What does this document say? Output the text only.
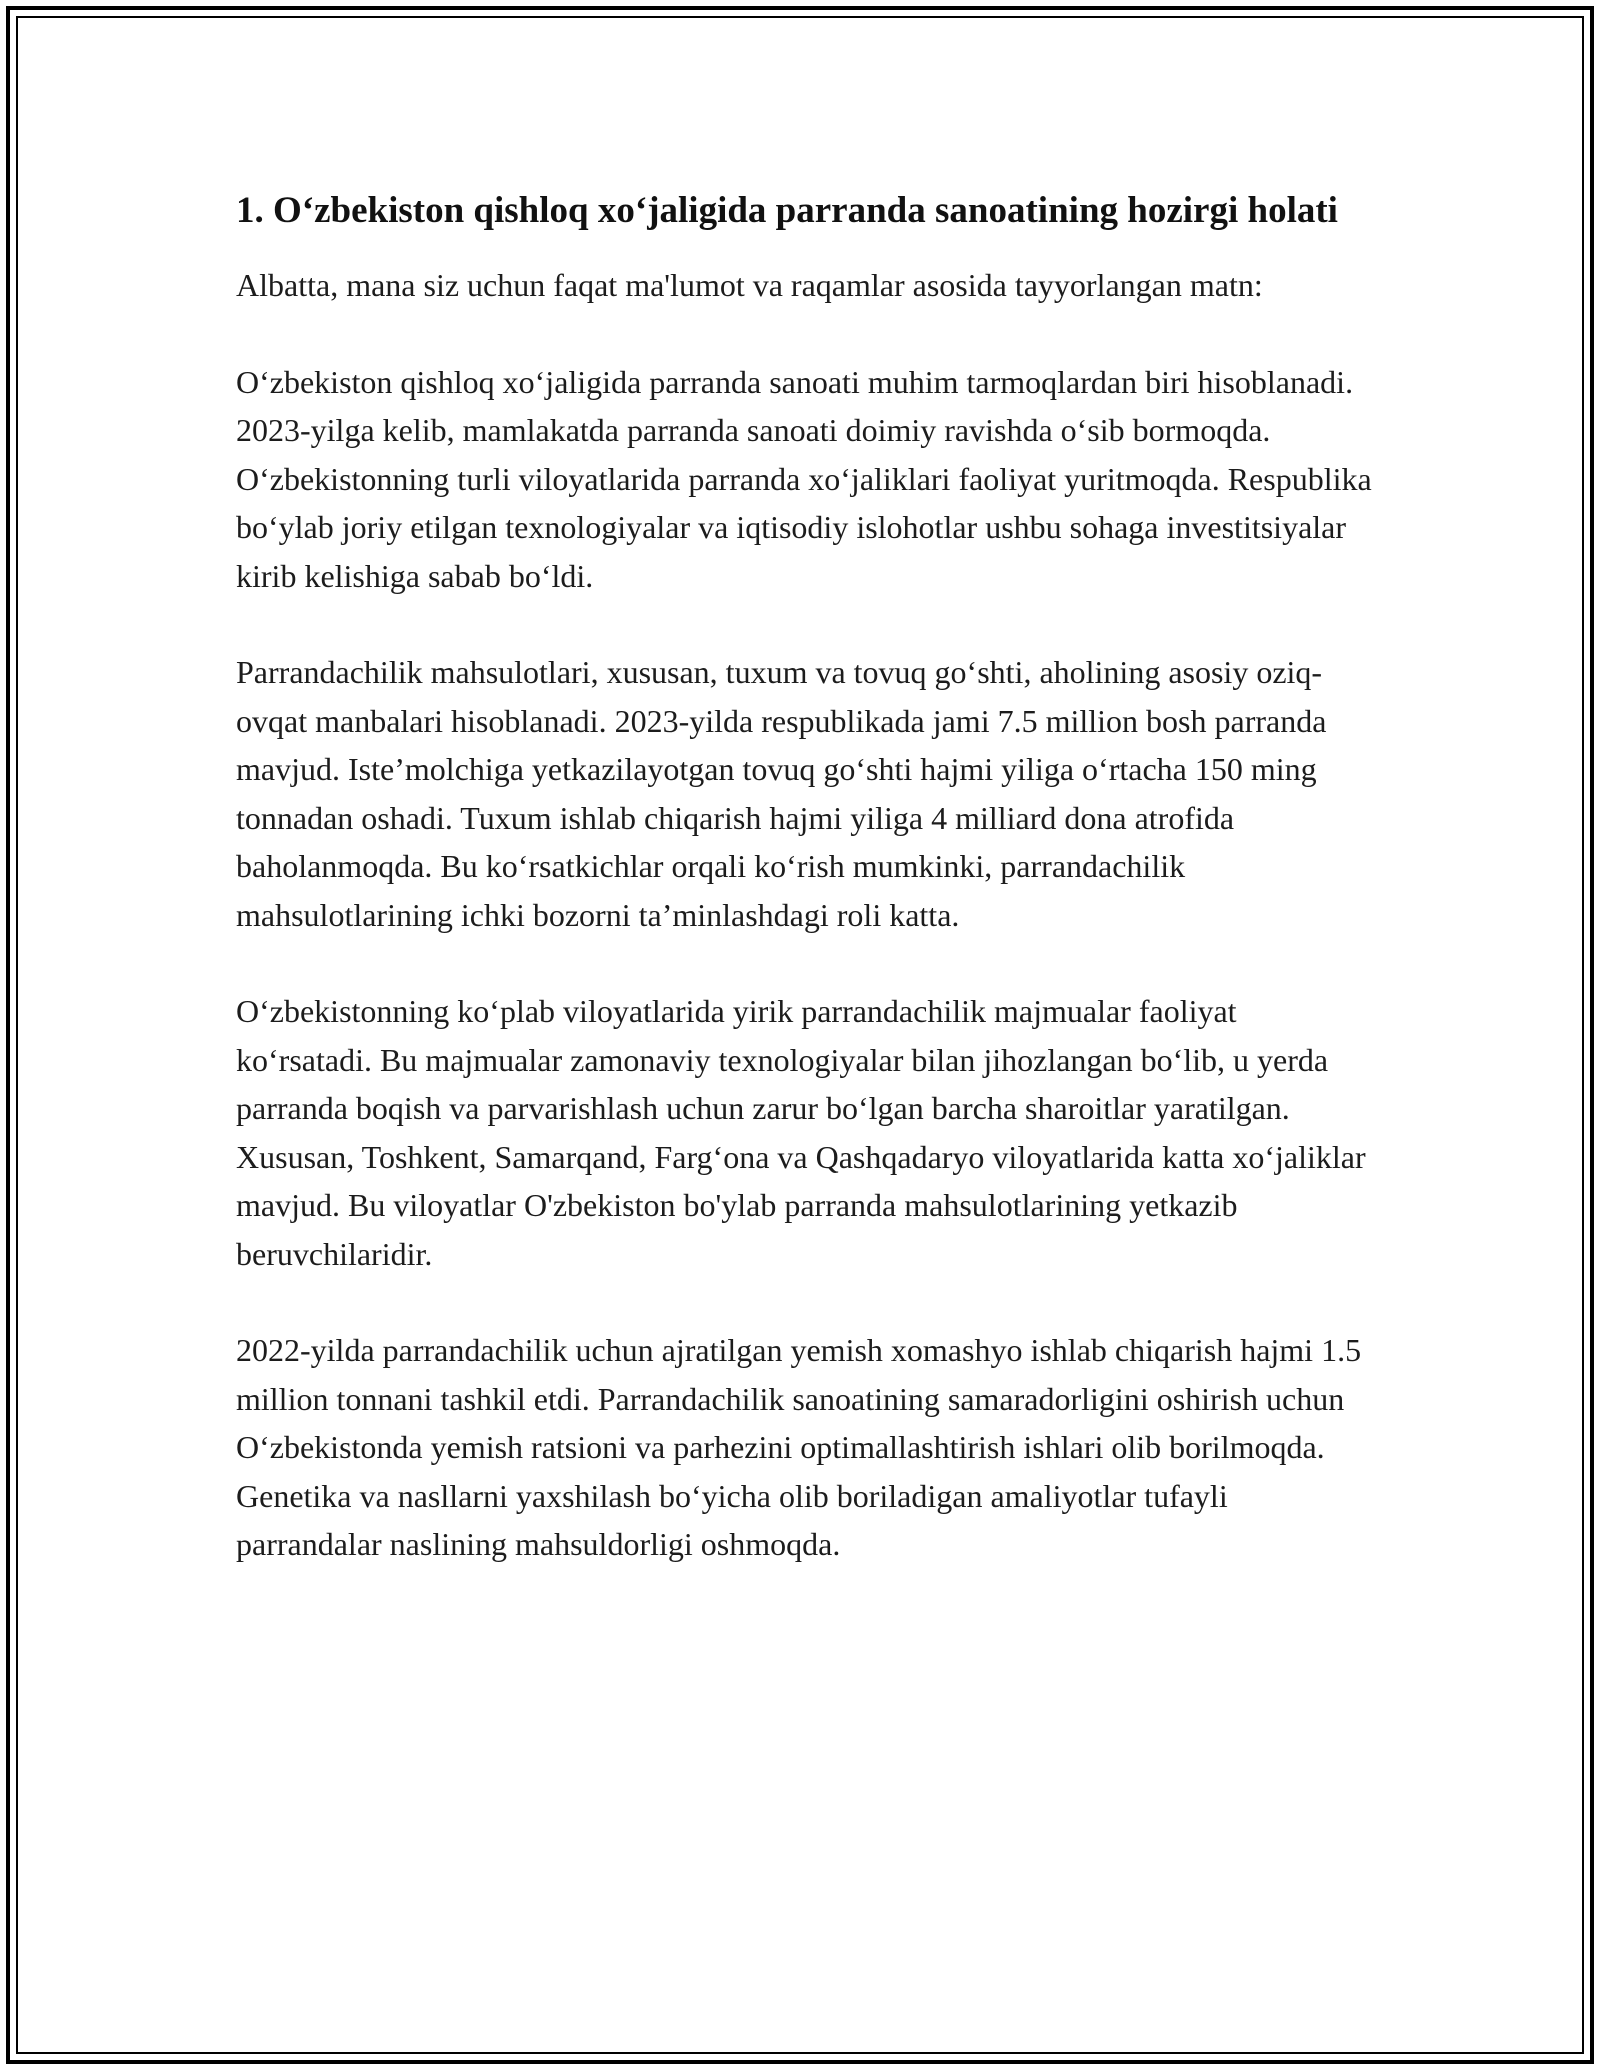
1. O‘zbekiston qishloq xo‘jaligida parranda sanoatining hozirgi holati

Albatta, mana siz uchun faqat ma'lumot va raqamlar asosida tayyorlangan matn:

O‘zbekiston qishloq xo‘jaligida parranda sanoati muhim tarmoqlardan biri hisoblanadi. 2023-yilga kelib, mamlakatda parranda sanoati doimiy ravishda o‘sib bormoqda. O‘zbekistonning turli viloyatlarida parranda xo‘jaliklari faoliyat yuritmoqda. Respublika bo‘ylab joriy etilgan texnologiyalar va iqtisodiy islohotlar ushbu sohaga investitsiyalar kirib kelishiga sabab bo‘ldi.

Parrandachilik mahsulotlari, xususan, tuxum va tovuq go‘shti, aholining asosiy oziq-ovqat manbalari hisoblanadi. 2023-yilda respublikada jami 7.5 million bosh parranda mavjud. Iste’molchiga yetkazilayotgan tovuq go‘shti hajmi yiliga o‘rtacha 150 ming tonnadan oshadi. Tuxum ishlab chiqarish hajmi yiliga 4 milliard dona atrofida baholanmoqda. Bu ko‘rsatkichlar orqali ko‘rish mumkinki, parrandachilik mahsulotlarining ichki bozorni ta’minlashdagi roli katta.

O‘zbekistonning ko‘plab viloyatlarida yirik parrandachilik majmualar faoliyat ko‘rsatadi. Bu majmualar zamonaviy texnologiyalar bilan jihozlangan bo‘lib, u yerda parranda boqish va parvarishlash uchun zarur bo‘lgan barcha sharoitlar yaratilgan. Xususan, Toshkent, Samarqand, Farg‘ona va Qashqadaryo viloyatlarida katta xo‘jaliklar mavjud. Bu viloyatlar O'zbekiston bo'ylab parranda mahsulotlarining yetkazib beruvchilaridir.

2022-yilda parrandachilik uchun ajratilgan yemish xomashyo ishlab chiqarish hajmi 1.5 million tonnani tashkil etdi. Parrandachilik sanoatining samaradorligini oshirish uchun O‘zbekistonda yemish ratsioni va parhezini optimallashtirish ishlari olib borilmoqda. Genetika va nasllarni yaxshilash bo‘yicha olib boriladigan amaliyotlar tufayli parrandalar naslining mahsuldorligi oshmoqda.
